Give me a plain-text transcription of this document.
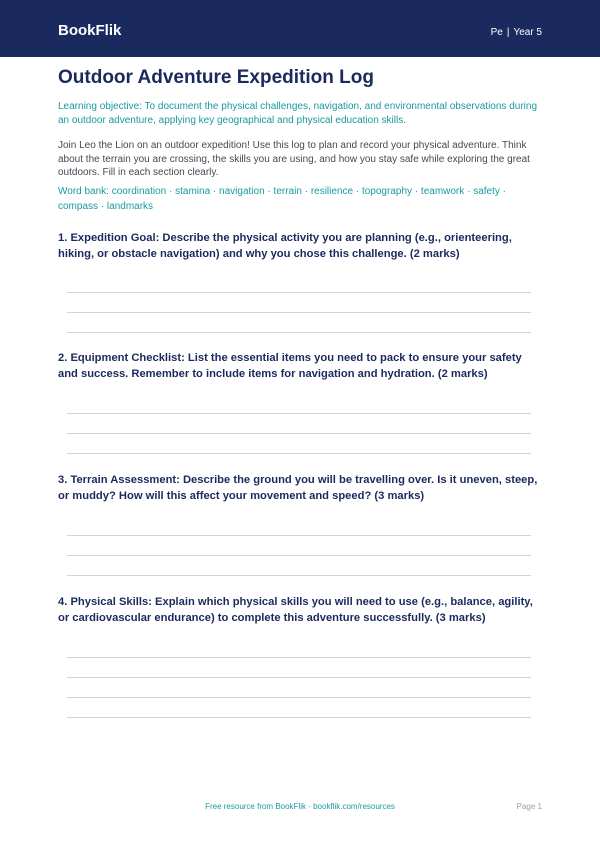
BookFlik	Pe | Year 5
Outdoor Adventure Expedition Log
Learning objective: To document the physical challenges, navigation, and environmental observations during an outdoor adventure, applying key geographical and physical education skills.
Join Leo the Lion on an outdoor expedition! Use this log to plan and record your physical adventure. Think about the terrain you are crossing, the skills you are using, and how you stay safe while exploring the great outdoors. Fill in each section clearly.
Word bank: coordination · stamina · navigation · terrain · resilience · topography · teamwork · safety · compass · landmarks
1. Expedition Goal: Describe the physical activity you are planning (e.g., orienteering, hiking, or obstacle navigation) and why you chose this challenge. (2 marks)
2. Equipment Checklist: List the essential items you need to pack to ensure your safety and success. Remember to include items for navigation and hydration. (2 marks)
3. Terrain Assessment: Describe the ground you will be travelling over. Is it uneven, steep, or muddy? How will this affect your movement and speed? (3 marks)
4. Physical Skills: Explain which physical skills you will need to use (e.g., balance, agility, or cardiovascular endurance) to complete this adventure successfully. (3 marks)
Free resource from BookFlik · bookflik.com/resources	Page 1
